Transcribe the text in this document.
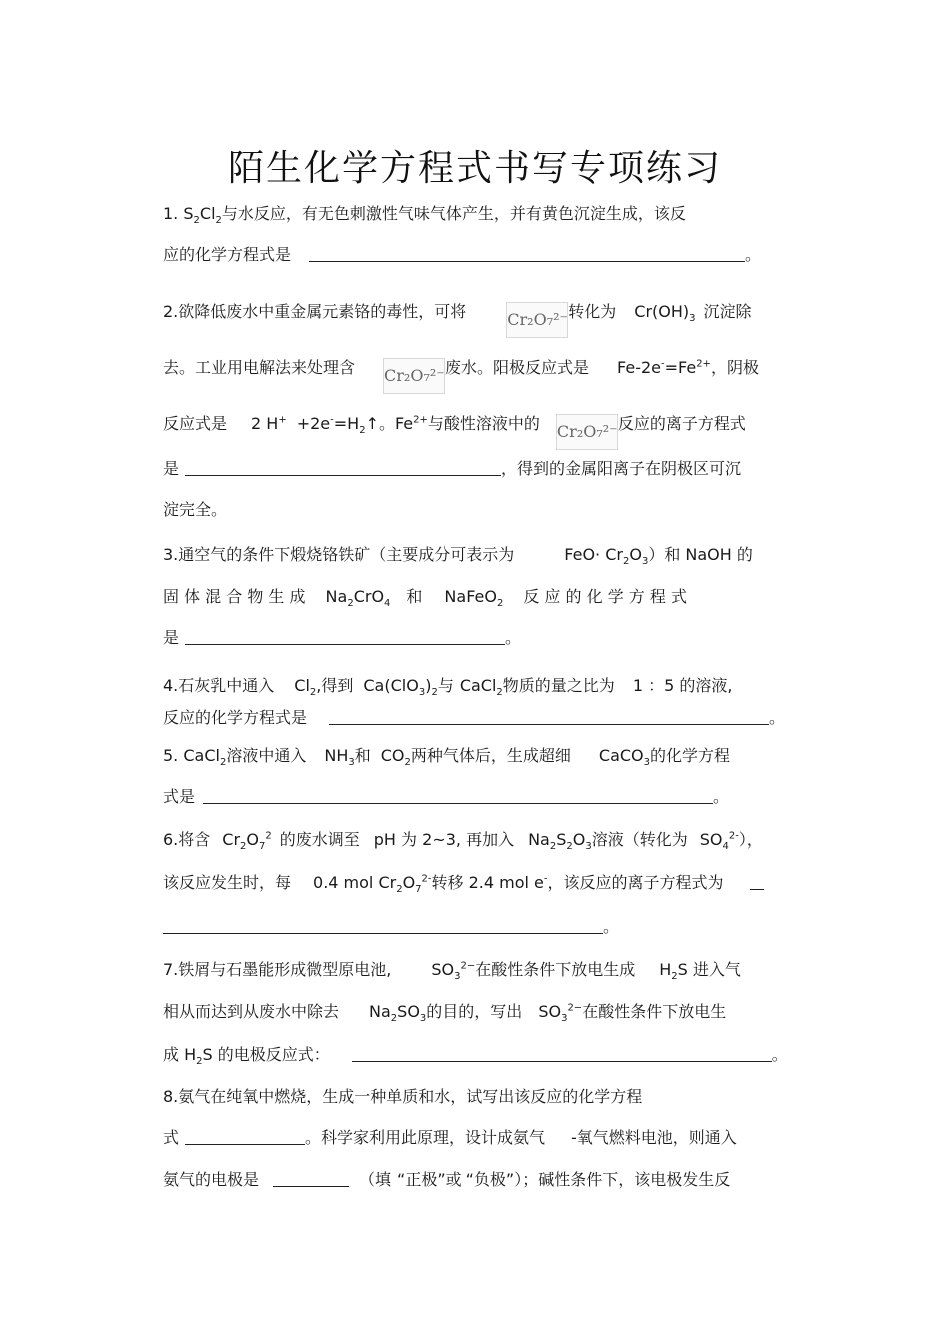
陌生化学方程式书写专项练习
1. $S_2Cl_2$与水反应，有无色刺激性气味气体产生，并有黄色沉淀生成，该反
应的化学方程式是	。
2.欲降低废水中重金属元素铬的毒性，可将	Cr₂O₇²⁻转化为 $Cr(OH)_3$ 沉淀除
去。工业用电解法来处理含 Cr₂O₇²⁻废水。阳极反应式是 $Fe-2e^-=Fe^{2+}$，阴极
反应式是 2 $H^+ +2e^-=H_2↑$。$Fe^{2+}$与酸性溶液中的 Cr₂O₇²⁻反应的离子方程式
是	，得到的金属阳离子在阴极区可沉
淀完全。
3.通空气的条件下煅烧铬铁矿（主要成分可表示为	$FeO\cdot Cr_2O_3$）和 NaOH 的
固 体 混 合 物 生 成 $Na_2CrO_4$ 和 NaFeO$_2$ 反 应 的 化 学 方 程 式
是	。
4.石灰乳中通入 $Cl_2$,得到 $Ca(ClO_3)_2$与 CaCl$_2$物质的量之比为 1 ：5 的溶液,
反应的化学方程式是	。
5. CaCl$_2$溶液中通入 $NH_3$和 $CO_2$两种气体后，生成超细 CaCO$_3$的化学方程
式是	。
6.将含 $Cr_2O_7^2$ 的废水调至 pH 为 2~3, 再加入 $Na_2S_2O_3$溶液（转化为 $SO_4^{2-}$），
该反应发生时，每 0.4 mol $Cr_2O_7^{2-}$转移 2.4 mol e-，该反应的离子方程式为
。
7.铁屑与石墨能形成微型原电池,	$SO_3^{2-}$在酸性条件下放电生成 $H_2S$ 进入气
相从而达到从废水中除去 $Na_2SO_3$的目的，写出 $SO_3^{2-}$在酸性条件下放电生
成 $H_2S$ 的电极反应式：	。
8.氨气在纯氧中燃烧，生成一种单质和水，试写出该反应的化学方程
式	。科学家利用此原理，设计成氨气 -氧气燃料电池，则通入
氨气的电极是	（填 “正极”或 “负极”）；碱性条件下，该电极发生反
